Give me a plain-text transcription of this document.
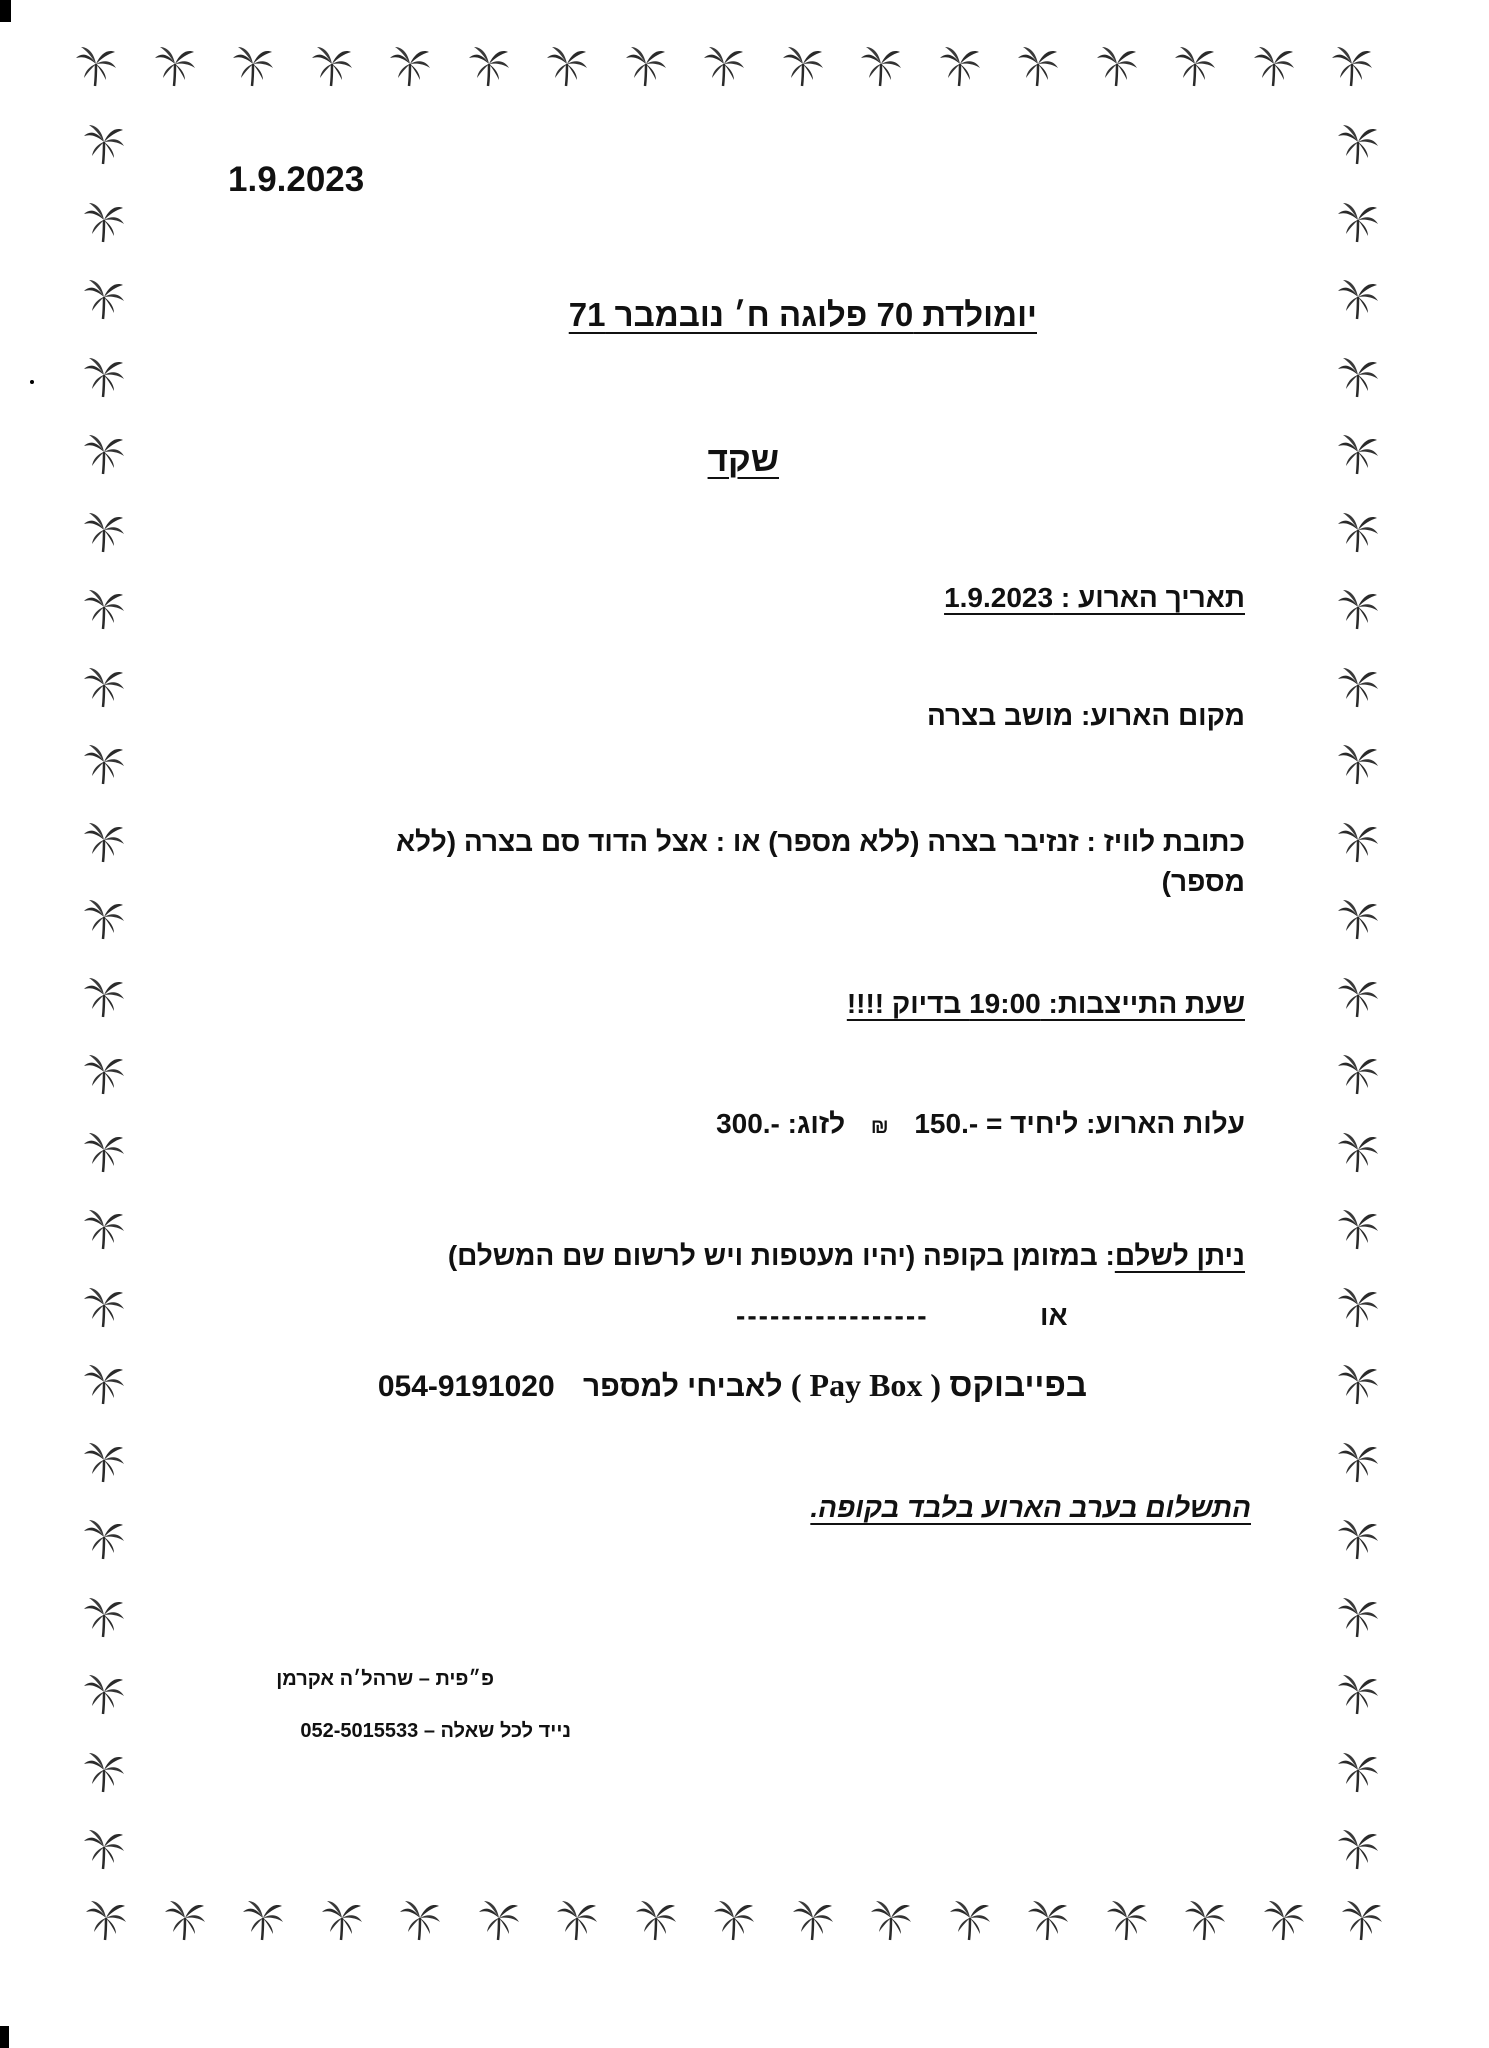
1.9.2023
יומולדת 70 פלוגה ח׳ נובמבר 71
שקד
תאריך הארוע : 1.9.2023
מקום הארוע: מושב בצרה
כתובת לוויז : זנזיבר בצרה (ללא מספר) או : אצל הדוד סם בצרה (ללא
מספר)
שעת התייצבות: 19:00 בדיוק !!!!
עלות הארוע: ליחיד = -.150 ₪ לזוג: -.300
ניתן לשלם: במזומן בקופה (יהיו מעטפות ויש לרשום שם המשלם)
או
-----------------
בפייבוקס ( Pay Box ) לאביחי למספר 054-9191020
התשלום בערב הארוע בלבד בקופה.
פ״פית – שרהל׳ה אקרמן
נייד לכל שאלה – 052-5015533
